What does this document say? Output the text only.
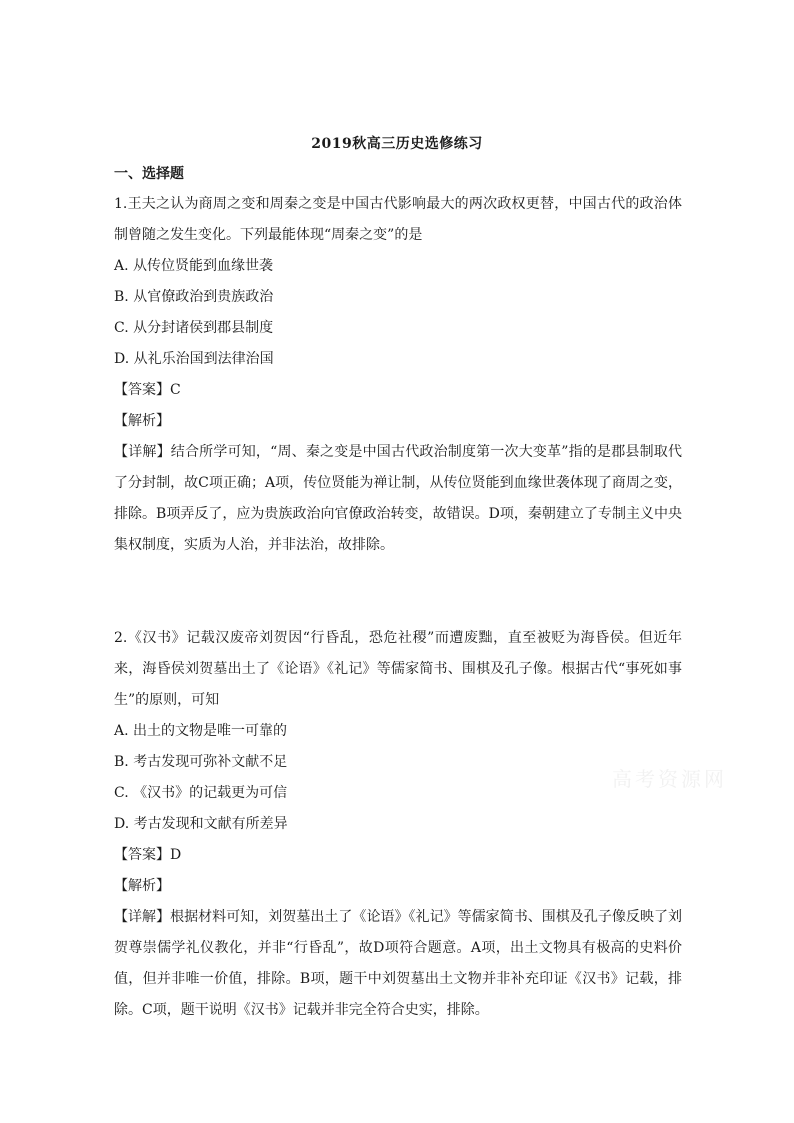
2019秋高三历史选修练习
一、选择题
1.王夫之认为商周之变和周秦之变是中国古代影响最大的两次政权更替，中国古代的政治体制曾随之发生变化。下列最能体现“周秦之变”的是
A. 从传位贤能到血缘世袭
B. 从官僚政治到贵族政治
C. 从分封诸侯到郡县制度
D. 从礼乐治国到法律治国
【答案】C
【解析】
【详解】结合所学可知，“周、秦之变是中国古代政治制度第一次大变革”指的是郡县制取代了分封制，故C项正确；A项，传位贤能为禅让制，从传位贤能到血缘世袭体现了商周之变，排除。B项弄反了，应为贵族政治向官僚政治转变，故错误。D项，秦朝建立了专制主义中央集权制度，实质为人治，并非法治，故排除。
2.《汉书》记载汉废帝刘贺因“行昏乱，恐危社稷”而遭废黜，直至被贬为海昏侯。但近年来，海昏侯刘贺墓出土了《论语》《礼记》等儒家简书、围棋及孔子像。根据古代“事死如事生”的原则，可知
A. 出土的文物是唯一可靠的
B. 考古发现可弥补文献不足
C. 《汉书》的记载更为可信
D. 考古发现和文献有所差异
【答案】D
【解析】
【详解】根据材料可知，刘贺墓出土了《论语》《礼记》等儒家简书、围棋及孔子像反映了刘贺尊崇儒学礼仪教化，并非“行昏乱”，故D项符合题意。A项，出土文物具有极高的史料价值，但并非唯一价值，排除。B项，题干中刘贺墓出土文物并非补充印证《汉书》记载，排除。C项，题干说明《汉书》记载并非完全符合史实，排除。
高考资源网
